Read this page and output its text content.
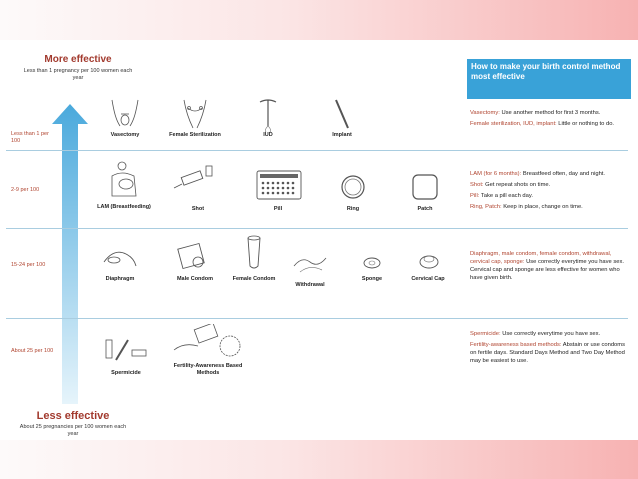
More effective
Less than 1 pregnancy per 100 women each year
Less than 1 per 100
2-9 per 100
15-24 per 100
About 25 per 100
Vasectomy	Female Sterilization	IUD	Implant
LAM (Breastfeeding)	Shot	Pill	Ring	Patch
Diaphragm	Male Condom	Female Condom
Withdrawal
Sponge	Cervical Cap
Spermicide
Fertility-Awareness Based Methods
How to make your birth control method most effective

Vasectomy: Use another method for first 3 months.

Female sterilization, IUD, implant: Little or nothing to do.

LAM (for 6 months): Breastfeed often, day and night.

Shot: Get repeat shots on time.

Pill: Take a pill each day.

Ring, Patch: Keep in place, change on time.

Diaphragm, male condom, female condom, withdrawal, cervical cap, sponge: Use correctly everytime you have sex. Cervical cap and sponge are less effective for women who have given birth.

Spermicide: Use correctly everytime you have sex.

Fertility-awareness based methods: Abstain or use condoms on fertile days. Standard Days Method and Two Day Method may be easiest to use.

Less effective
About 25 pregnancies per 100 women each year
